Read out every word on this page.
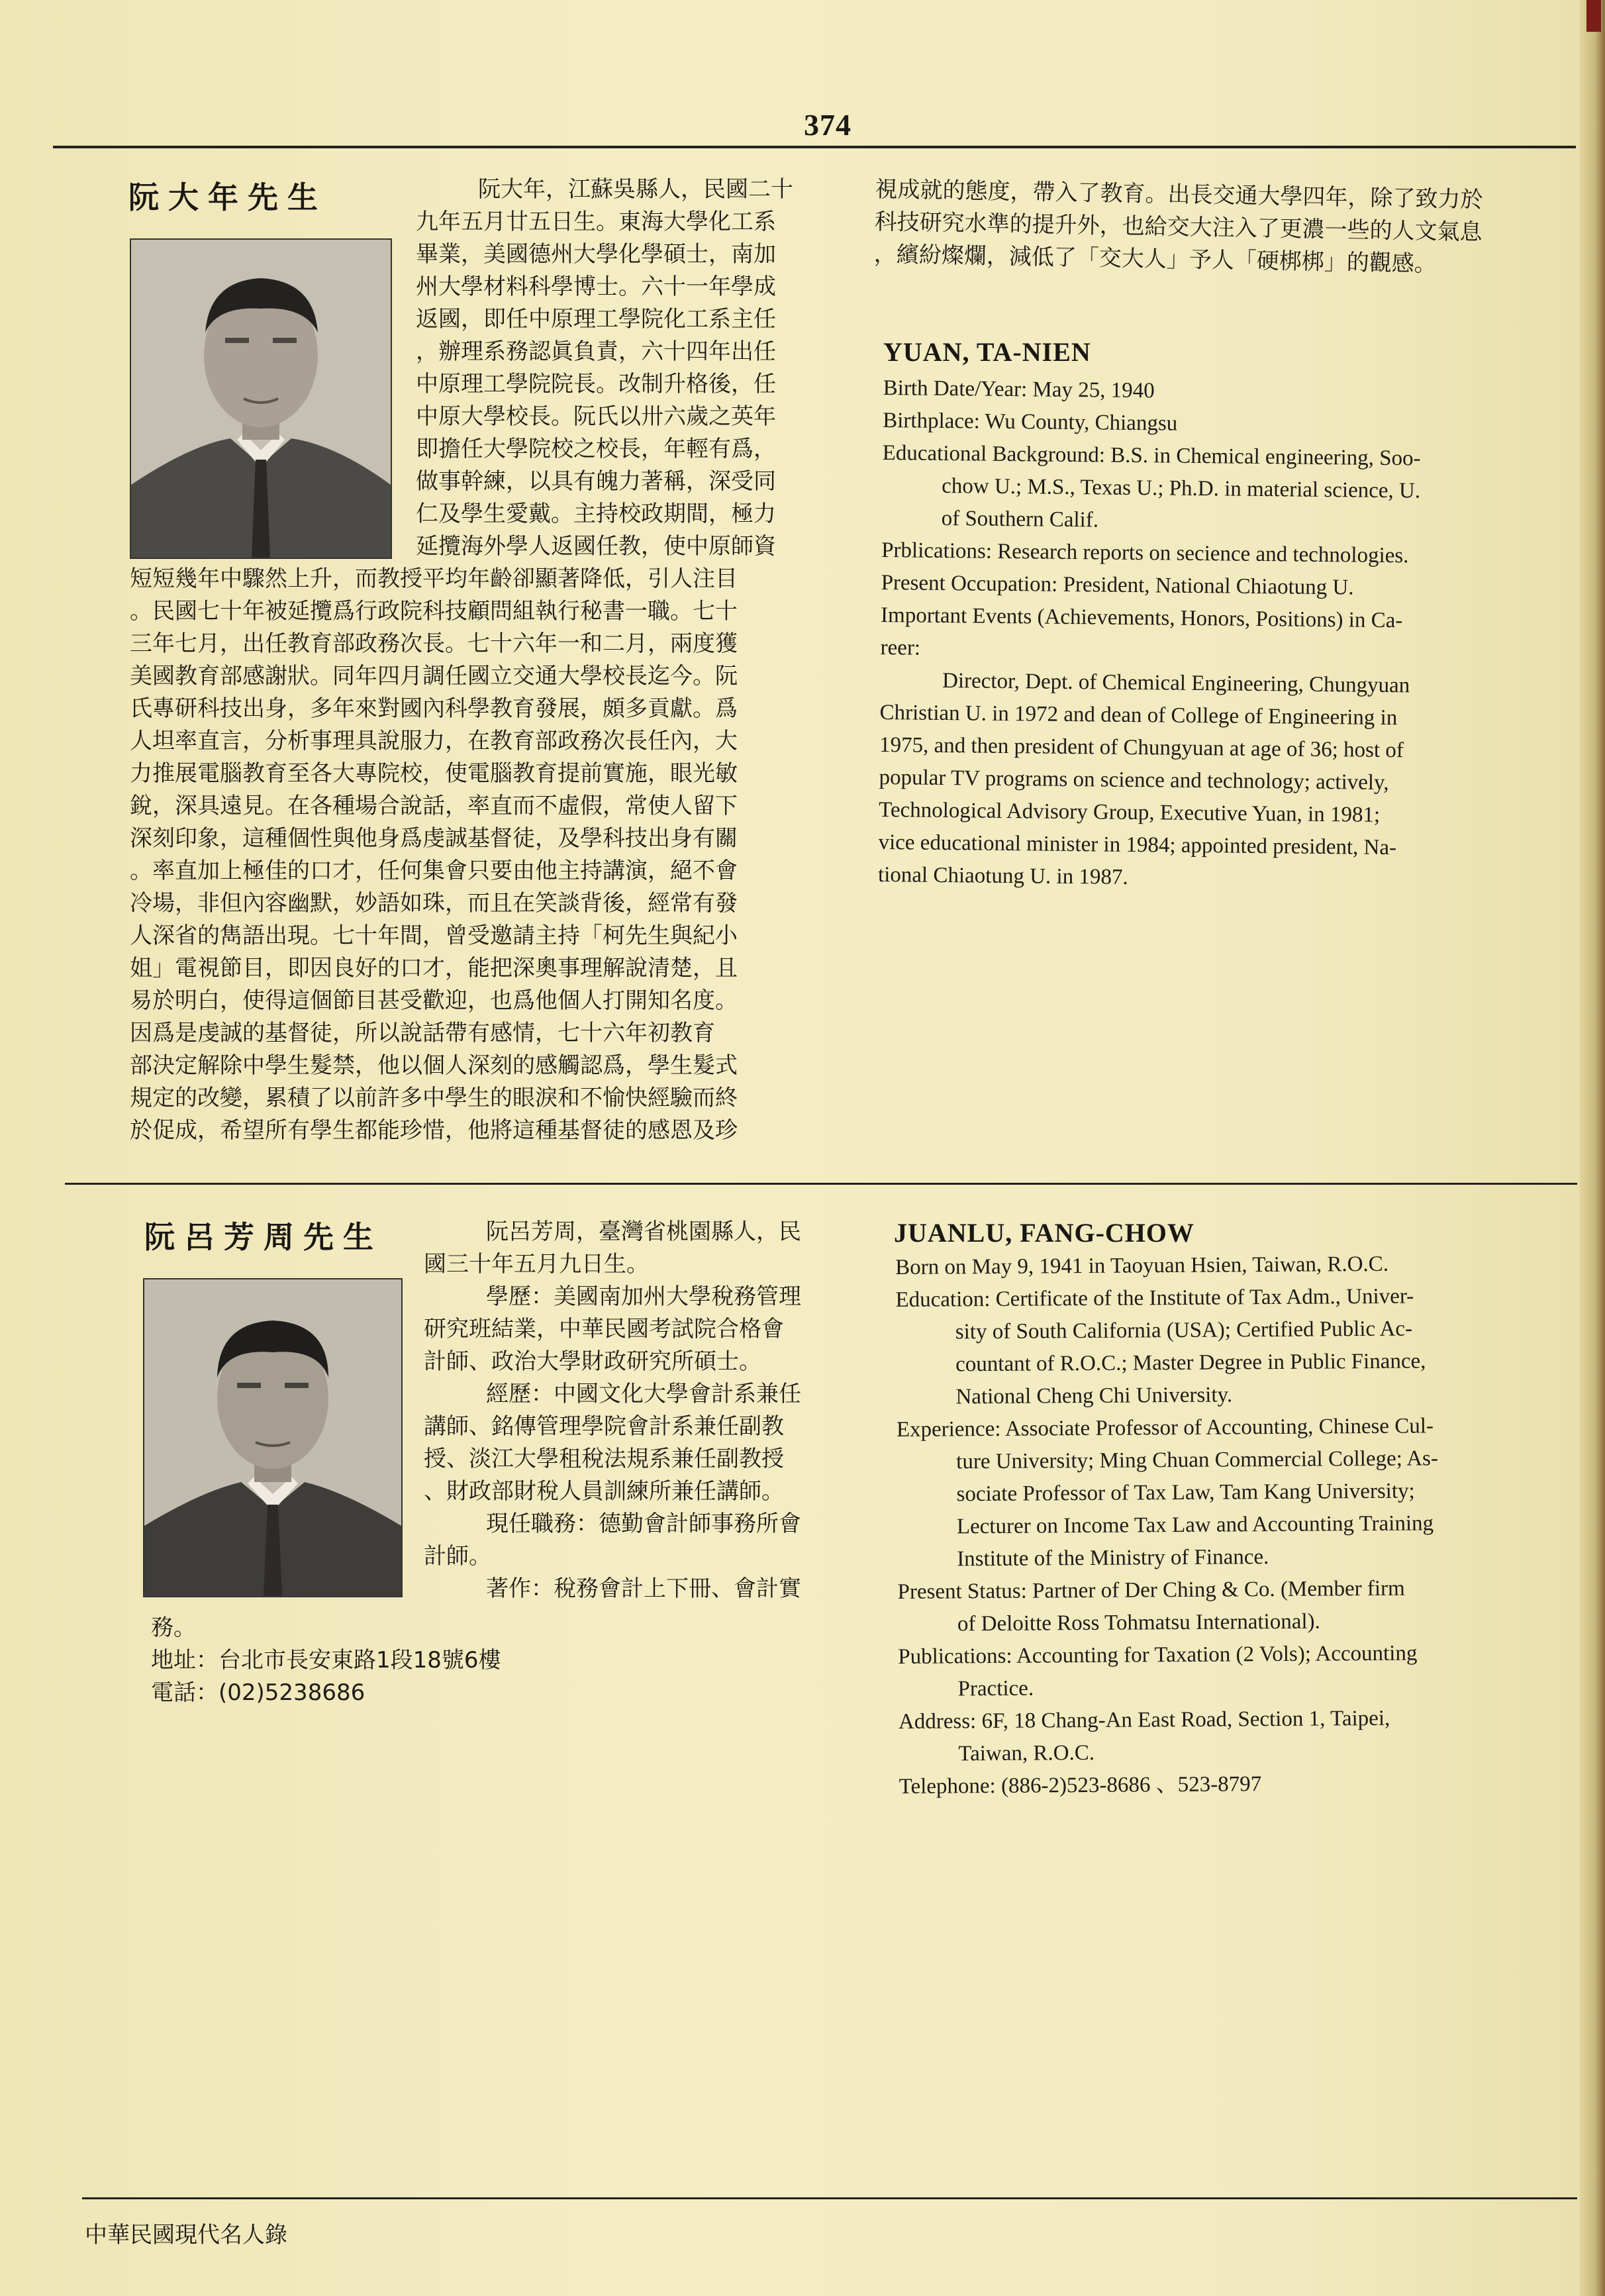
374
阮大年先生	阮大年，江蘇吳縣人，民國二十
九年五月廿五日生。東海大學化工系
畢業，美國德州大學化學碩士，南加
州大學材料科學博士。六十一年學成
返國，即任中原理工學院化工系主任
，辦理系務認眞負責，六十四年出任
中原理工學院院長。改制升格後，任
中原大學校長。阮氏以卅六歲之英年
即擔任大學院校之校長，年輕有爲，
做事幹練，以具有魄力著稱，深受同
仁及學生愛戴。主持校政期間，極力
延攬海外學人返國任教，使中原師資
短短幾年中驟然上升，而教授平均年齡卻顯著降低，引人注目
。民國七十年被延攬爲行政院科技顧問組執行秘書一職。七十
三年七月，出任教育部政務次長。七十六年一和二月，兩度獲
美國教育部感謝狀。同年四月調任國立交通大學校長迄今。阮
氏專研科技出身，多年來對國內科學教育發展，頗多貢獻。爲
人坦率直言，分析事理具說服力，在教育部政務次長任內，大
力推展電腦教育至各大專院校，使電腦教育提前實施，眼光敏
銳，深具遠見。在各種場合說話，率直而不虛假，常使人留下
深刻印象，這種個性與他身爲虔誠基督徒，及學科技出身有關
。率直加上極佳的口才，任何集會只要由他主持講演，絕不會
冷場，非但內容幽默，妙語如珠，而且在笑談背後，經常有發
人深省的雋語出現。七十年間，曾受邀請主持「柯先生與紀小
姐」電視節目，即因良好的口才，能把深奧事理解說清楚，且
易於明白，使得這個節目甚受歡迎，也爲他個人打開知名度。
因爲是虔誠的基督徒，所以說話帶有感情，七十六年初教育
部決定解除中學生髮禁，他以個人深刻的感觸認爲，學生髮式
規定的改變，累積了以前許多中學生的眼淚和不愉快經驗而終
於促成，希望所有學生都能珍惜，他將這種基督徒的感恩及珍
視成就的態度，帶入了教育。出長交通大學四年，除了致力於
科技研究水準的提升外，也給交大注入了更濃一些的人文氣息
，繽紛燦爛，減低了「交大人」予人「硬梆梆」的觀感。
YUAN, TA-NIEN
Birth Date/Year: May 25, 1940
Birthplace: Wu County, Chiangsu
Educational Background: B.S. in Chemical engineering, Soo-
chow U.; M.S., Texas U.; Ph.D. in material science, U.
of Southern Calif.
Prblications: Research reports on secience and technologies.
Present Occupation: President, National Chiaotung U.
Important Events (Achievements, Honors, Positions) in Ca-
reer:
Director, Dept. of Chemical Engineering, Chungyuan
Christian U. in 1972 and dean of College of Engineering in
1975, and then president of Chungyuan at age of 36; host of
popular TV programs on science and technology; actively,
Technological Advisory Group, Executive Yuan, in 1981;
vice educational minister in 1984; appointed president, Na-
tional Chiaotung U. in 1987.
阮呂芳周先生	阮呂芳周，臺灣省桃園縣人，民
國三十年五月九日生。
學歷：美國南加州大學稅務管理
研究班結業，中華民國考試院合格會
計師、政治大學財政研究所碩士。
經歷：中國文化大學會計系兼任
講師、銘傳管理學院會計系兼任副教
授、淡江大學租稅法規系兼任副教授
、財政部財稅人員訓練所兼任講師。
現任職務：德勤會計師事務所會
計師。
著作：稅務會計上下冊、會計實
務。
地址：台北市長安東路1段18號6樓
電話：(02)5238686
JUANLU, FANG-CHOW
Born on May 9, 1941 in Taoyuan Hsien, Taiwan, R.O.C.
Education: Certificate of the Institute of Tax Adm., Univer-
sity of South California (USA); Certified Public Ac-
countant of R.O.C.; Master Degree in Public Finance,
National Cheng Chi University.
Experience: Associate Professor of Accounting, Chinese Cul-
ture University; Ming Chuan Commercial College; As-
sociate Professor of Tax Law, Tam Kang University;
Lecturer on Income Tax Law and Accounting Training
Institute of the Ministry of Finance.
Present Status: Partner of Der Ching & Co. (Member firm
of Deloitte Ross Tohmatsu International).
Publications: Accounting for Taxation (2 Vols); Accounting
Practice.
Address: 6F, 18 Chang-An East Road, Section 1, Taipei,
Taiwan, R.O.C.
Telephone: (886-2)523-8686 、523-8797
中華民國現代名人錄
